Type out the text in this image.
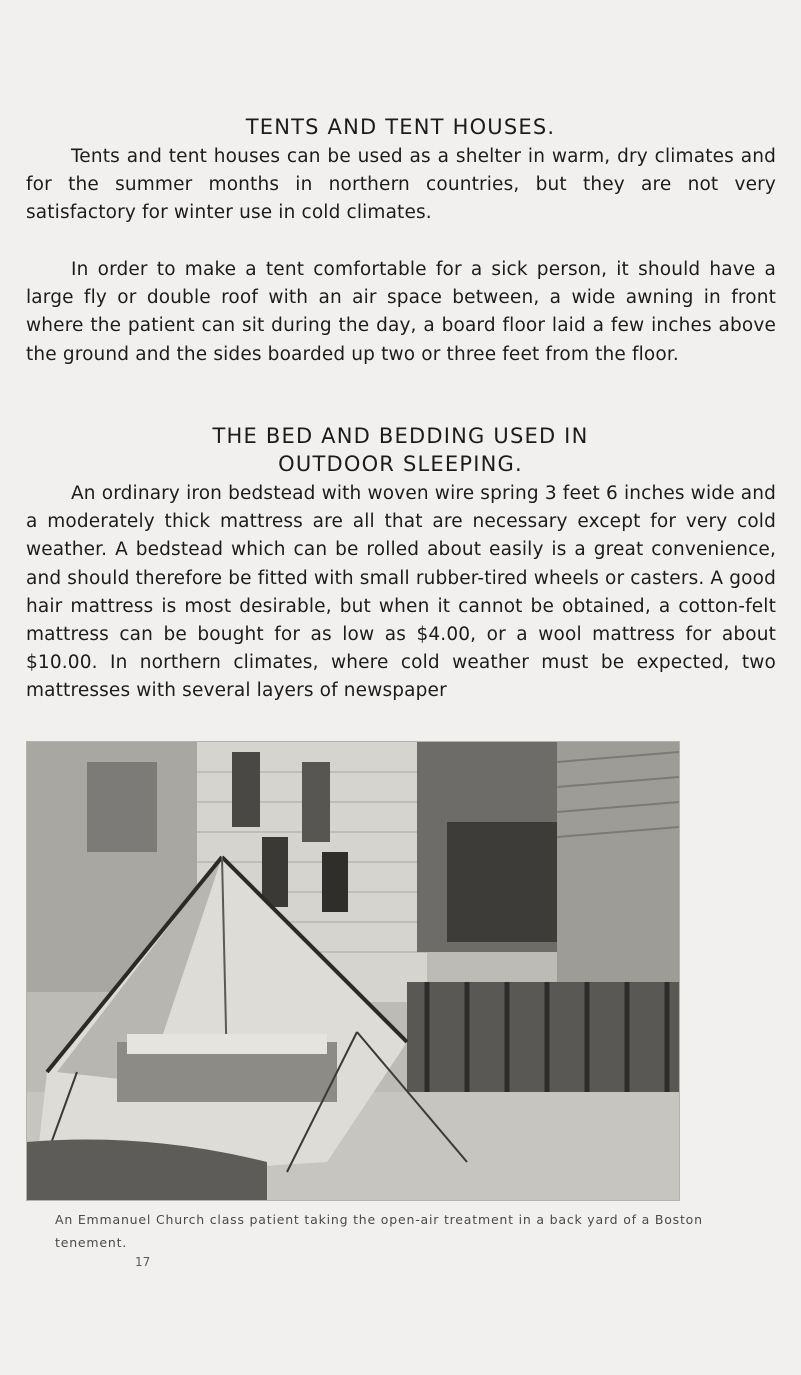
TENTS AND TENT HOUSES.

Tents and tent houses can be used as a shelter in warm, dry climates and for the summer months in northern countries, but they are not very satisfactory for winter use in cold climates.

In order to make a tent comfortable for a sick person, it should have a large fly or double roof with an air space between, a wide awning in front where the patient can sit during the day, a board floor laid a few inches above the ground and the sides boarded up two or three feet from the floor.

THE BED AND BEDDING USED IN
OUTDOOR SLEEPING.

An ordinary iron bedstead with woven wire spring 3 feet 6 inches wide and a moderately thick mattress are all that are necessary except for very cold weather. A bedstead which can be rolled about easily is a great convenience, and should therefore be fitted with small rubber-tired wheels or casters. A good hair mattress is most desirable, but when it cannot be obtained, a cotton-felt mattress can be bought for as low as $4.00, or a wool mattress for about $10.00. In northern climates, where cold weather must be expected, two mattresses with several layers of newspaper

An Emmanuel Church class patient taking the open-air treatment in a back yard of a Boston tenement.
17
